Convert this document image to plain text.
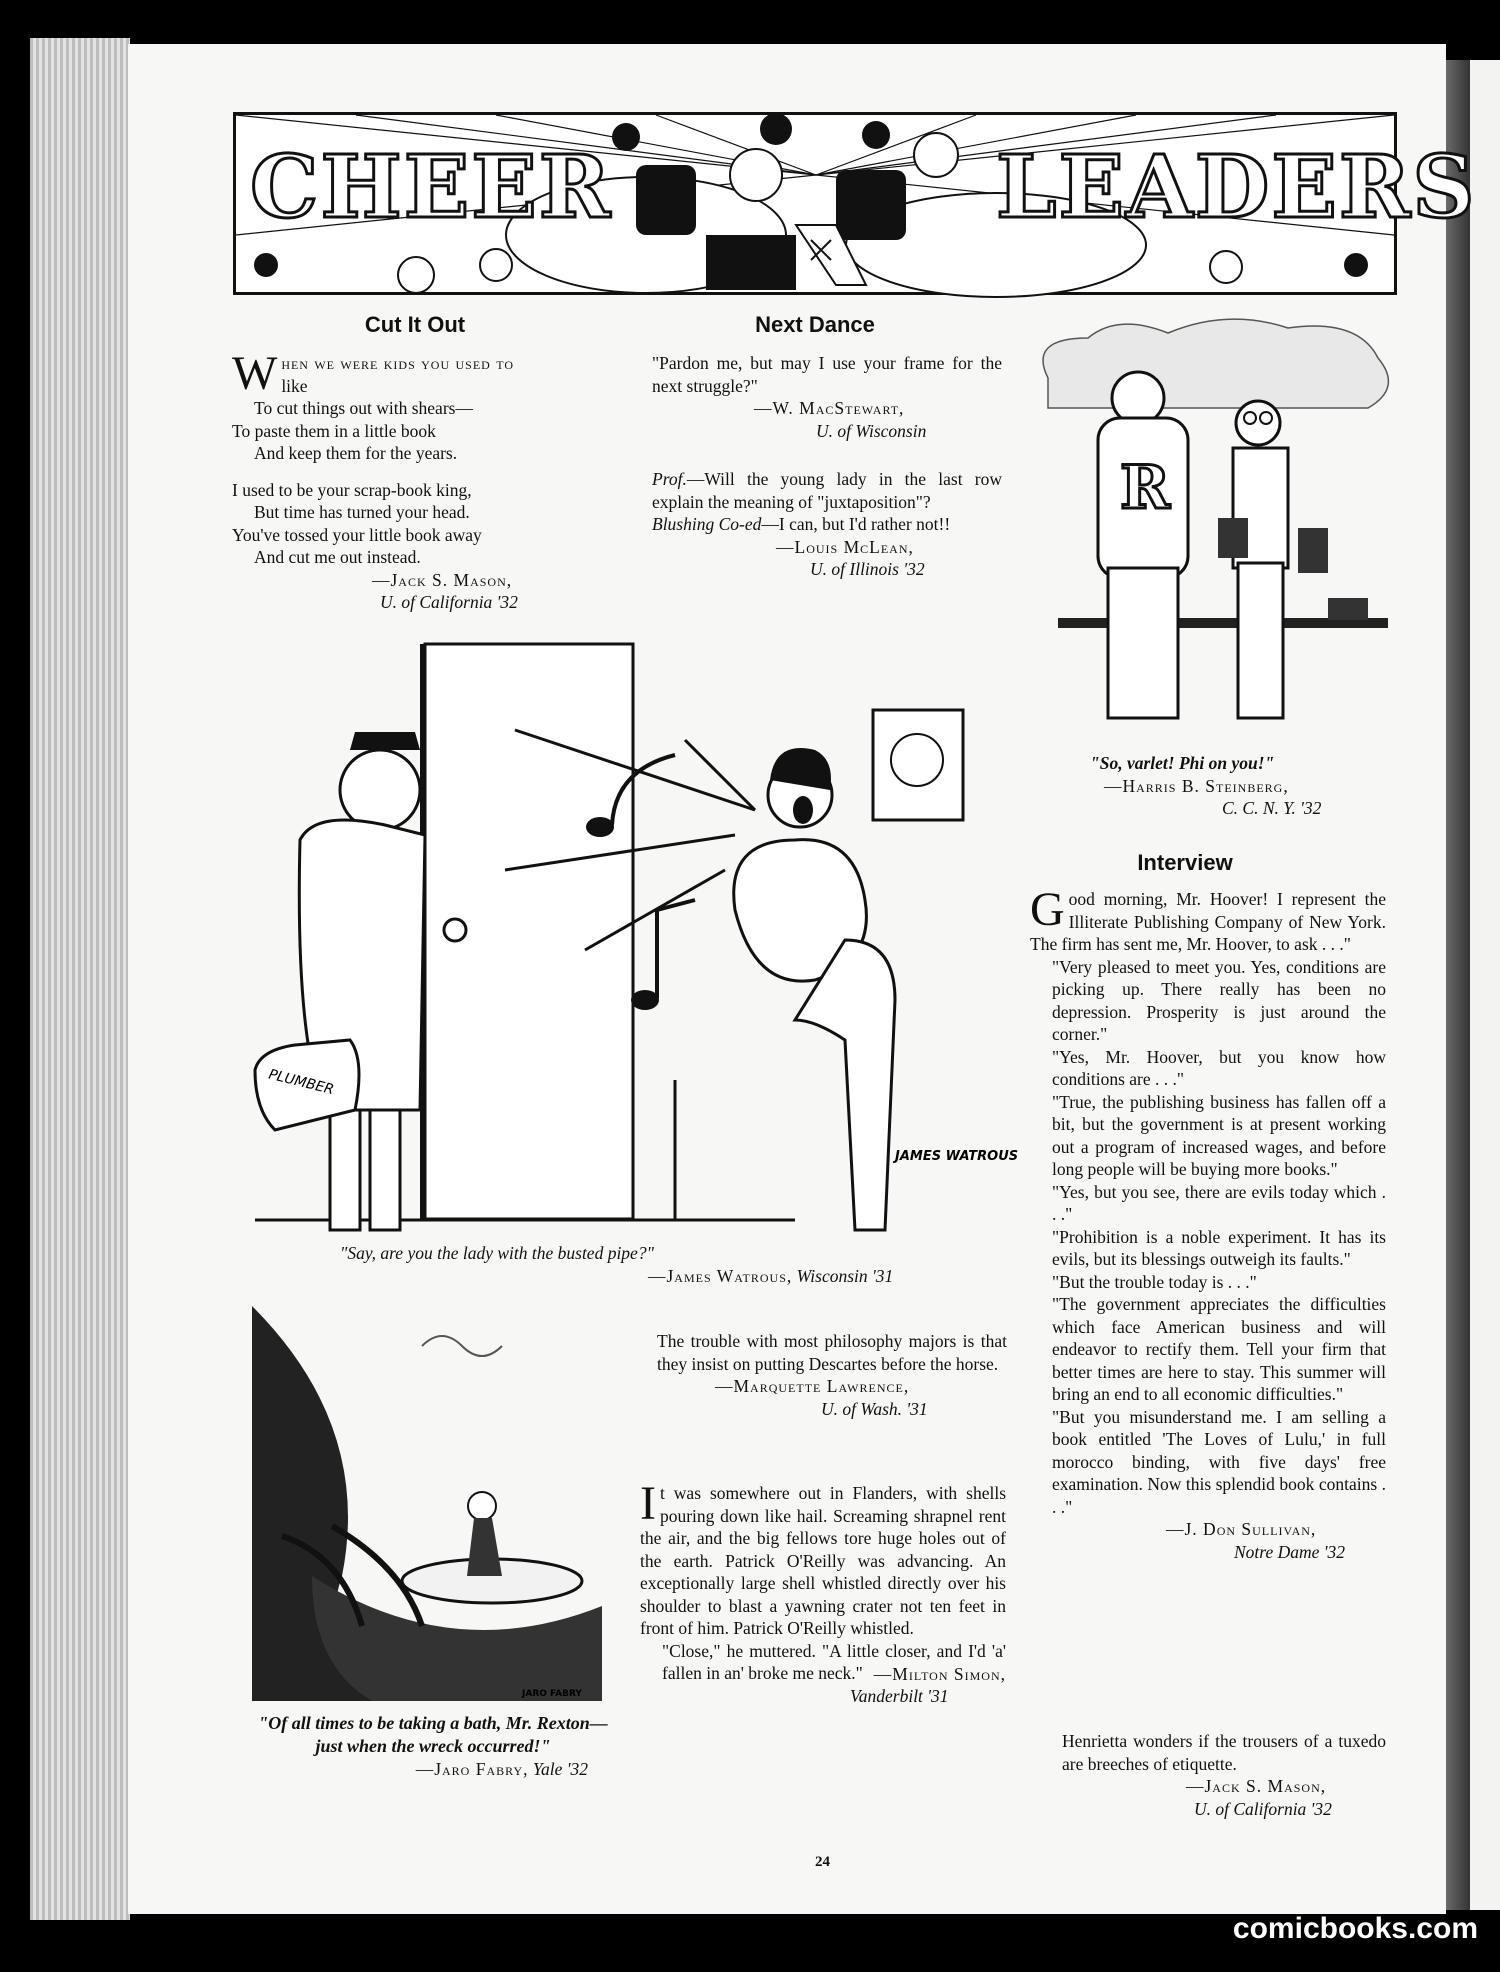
CHEER	LEADERS
Cut It Out

When we were kids you used to

like

To cut things out with shears—

To paste them in a little book

And keep them for the years.

I used to be your scrap-book king,

But time has turned your head.

You've tossed your little book away

And cut me out instead.

—Jack S. Mason,

U. of California '32

Next Dance

"Pardon me, but may I use your frame for the next struggle?"

—W. MacStewart,

U. of Wisconsin

Prof.—Will the young lady in the last row explain the meaning of "juxtaposition"?

Blushing Co-ed—I can, but I'd rather not!!

—Louis McLean,

U. of Illinois '32

R

"So, varlet! Phi on you!"

—Harris B. Steinberg,

C. C. N. Y. '32

Interview

Good morning, Mr. Hoover! I represent the Illiterate Publishing Company of New York. The firm has sent me, Mr. Hoover, to ask . . ."

"Very pleased to meet you. Yes, conditions are picking up. There really has been no depression. Prosperity is just around the corner."

"Yes, Mr. Hoover, but you know how conditions are . . ."

"True, the publishing business has fallen off a bit, but the government is at present working out a program of increased wages, and before long people will be buying more books."

"Yes, but you see, there are evils today which . . ."

"Prohibition is a noble experiment. It has its evils, but its blessings outweigh its faults."

"But the trouble today is . . ."

"The government appreciates the difficulties which face American business and will endeavor to rectify them. Tell your firm that better times are here to stay. This summer will bring an end to all economic difficulties."

"But you misunderstand me. I am selling a book entitled 'The Loves of Lulu,' in full morocco binding, with five days' free examination. Now this splendid book contains . . ."

—J. Don Sullivan,

Notre Dame '32

Henrietta wonders if the trousers of a tuxedo are breeches of etiquette.

—Jack S. Mason,

U. of California '32

PLUMBER
JAMES WATROUS

"Say, are you the lady with the busted pipe?"

—James Watrous, Wisconsin '31

JARO FABRY

"Of all times to be taking a bath, Mr. Rexton—just when the wreck occurred!"

—Jaro Fabry, Yale '32

The trouble with most philosophy majors is that they insist on putting Descartes before the horse.

—Marquette Lawrence,

U. of Wash. '31

It was somewhere out in Flanders, with shells pouring down like hail. Screaming shrapnel rent the air, and the big fellows tore huge holes out of the earth. Patrick O'Reilly was advancing. An exceptionally large shell whistled directly over his shoulder to blast a yawning crater not ten feet in front of him. Patrick O'Reilly whistled.

"Close," he muttered. "A little closer, and I'd 'a' fallen in an' broke me neck." —Milton Simon,

Vanderbilt '31

24
comicbooks.com
